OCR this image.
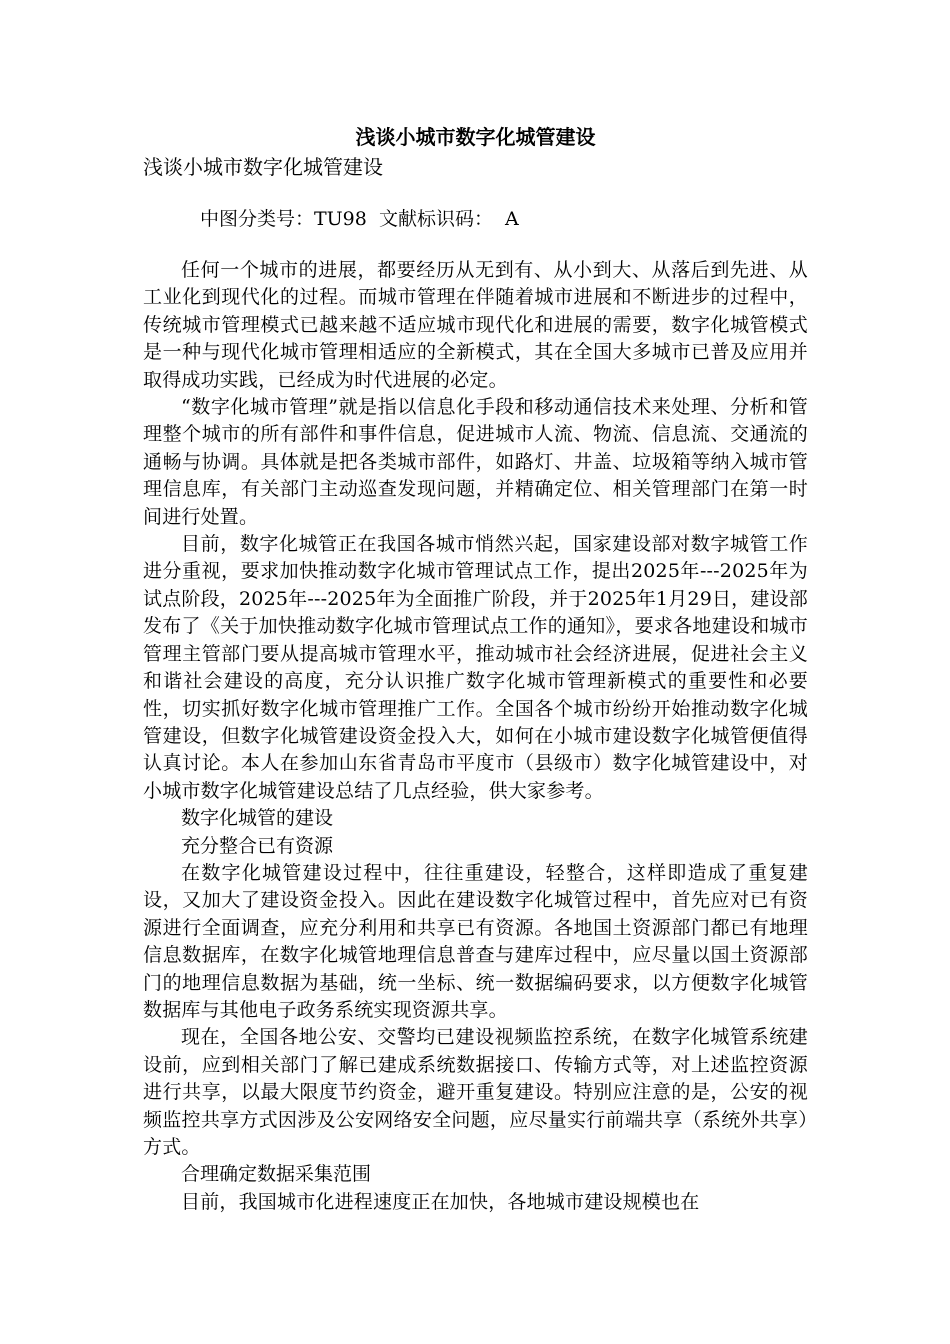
浅谈小城市数字化城管建设

浅谈小城市数字化城管建设

中图分类号：TU98  文献标识码：  A

任何一个城市的进展，都要经历从无到有、从小到大、从落后到先进、从工业化到现代化的过程。而城市管理在伴随着城市进展和不断进步的过程中，传统城市管理模式已越来越不适应城市现代化和进展的需要，数字化城管模式是一种与现代化城市管理相适应的全新模式，其在全国大多城市已普及应用并取得成功实践，已经成为时代进展的必定。

“数字化城市管理”就是指以信息化手段和移动通信技术来处理、分析和管理整个城市的所有部件和事件信息，促进城市人流、物流、信息流、交通流的通畅与协调。具体就是把各类城市部件，如路灯、井盖、垃圾箱等纳入城市管理信息库，有关部门主动巡查发现问题，并精确定位、相关管理部门在第一时间进行处置。

目前，数字化城管正在我国各城市悄然兴起，国家建设部对数字城管工作进分重视，要求加快推动数字化城市管理试点工作，提出2025年---2025年为试点阶段，2025年---2025年为全面推广阶段，并于2025年1月29日，建设部发布了《关于加快推动数字化城市管理试点工作的通知》，要求各地建设和城市管理主管部门要从提高城市管理水平，推动城市社会经济进展，促进社会主义和谐社会建设的高度，充分认识推广数字化城市管理新模式的重要性和必要性，切实抓好数字化城市管理推广工作。全国各个城市纷纷开始推动数字化城管建设，但数字化城管建设资金投入大，如何在小城市建设数字化城管便值得认真讨论。本人在参加山东省青岛市平度市（县级市）数字化城管建设中，对小城市数字化城管建设总结了几点经验，供大家参考。

数字化城管的建设

充分整合已有资源

在数字化城管建设过程中，往往重建设，轻整合，这样即造成了重复建设，又加大了建设资金投入。因此在建设数字化城管过程中，首先应对已有资源进行全面调查，应充分利用和共享已有资源。各地国土资源部门都已有地理信息数据库，在数字化城管地理信息普查与建库过程中，应尽量以国土资源部门的地理信息数据为基础，统一坐标、统一数据编码要求，以方便数字化城管数据库与其他电子政务系统实现资源共享。

现在，全国各地公安、交警均已建设视频监控系统，在数字化城管系统建设前，应到相关部门了解已建成系统数据接口、传输方式等，对上述监控资源进行共享，以最大限度节约资金，避开重复建设。特别应注意的是，公安的视频监控共享方式因涉及公安网络安全问题，应尽量实行前端共享（系统外共享）方式。

合理确定数据采集范围

目前，我国城市化进程速度正在加快，各地城市建设规模也在
